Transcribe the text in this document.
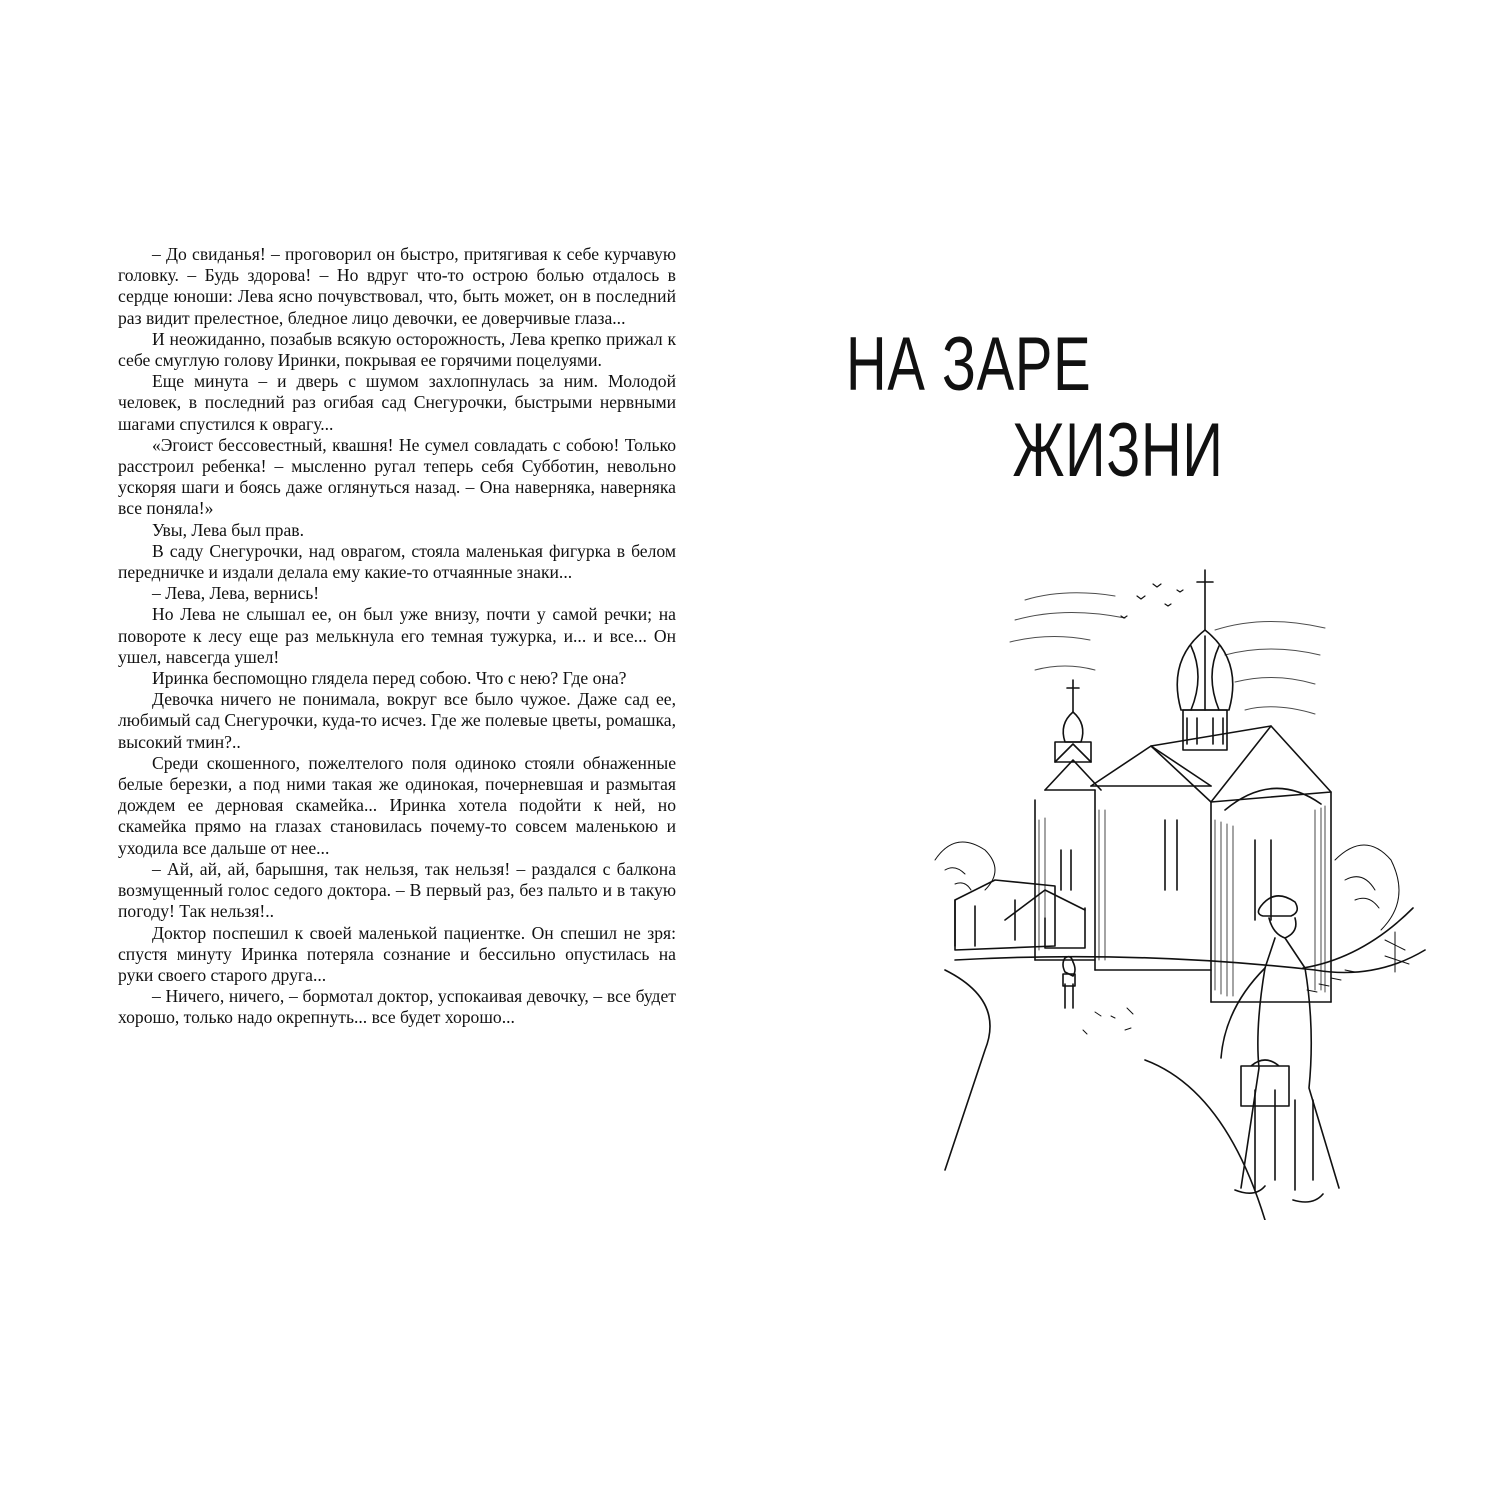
– До свиданья! – проговорил он быстро, притягивая к себе курчавую головку. – Будь здорова! – Но вдруг что-то острою болью отдалось в сердце юноши: Лева ясно почувствовал, что, быть может, он в последний раз видит прелестное, бледное лицо девочки, ее доверчивые глаза...

И неожиданно, позабыв всякую осторожность, Лева крепко прижал к себе смуглую голову Иринки, покрывая ее горячими поцелуями.

Еще минута – и дверь с шумом захлопнулась за ним. Молодой человек, в последний раз огибая сад Снегурочки, быстрыми нервными шагами спустился к оврагу...

«Эгоист бессовестный, квашня! Не сумел совладать с собою! Только расстроил ребенка! – мысленно ругал теперь себя Субботин, невольно ускоряя шаги и боясь даже оглянуться назад. – Она наверняка, наверняка все поняла!»

Увы, Лева был прав.

В саду Снегурочки, над оврагом, стояла маленькая фигурка в белом передничке и издали делала ему какие-то отчаянные знаки...

– Лева, Лева, вернись!

Но Лева не слышал ее, он был уже внизу, почти у самой речки; на повороте к лесу еще раз мелькнула его темная тужурка, и... и все... Он ушел, навсегда ушел!

Иринка беспомощно глядела перед собою. Что с нею? Где она?

Девочка ничего не понимала, вокруг все было чужое. Даже сад ее, любимый сад Снегурочки, куда-то исчез. Где же полевые цветы, ромашка, высокий тмин?..

Среди скошенного, пожелтелого поля одиноко стояли обнаженные белые березки, а под ними такая же одинокая, почерневшая и размытая дождем ее дерновая скамейка... Иринка хотела подойти к ней, но скамейка прямо на глазах становилась почему-то совсем маленькою и уходила все дальше от нее...

– Ай, ай, ай, барышня, так нельзя, так нельзя! – раздался с балкона возмущенный голос седого доктора. – В первый раз, без пальто и в такую погоду! Так нельзя!..

Доктор поспешил к своей маленькой пациентке. Он спешил не зря: спустя минуту Иринка потеряла сознание и бессильно опустилась на руки своего старого друга...

– Ничего, ничего, – бормотал доктор, успокаивая девочку, – все будет хорошо, только надо окрепнуть... все будет хорошо...

НА ЗАРЕ
ЖИЗНИ
